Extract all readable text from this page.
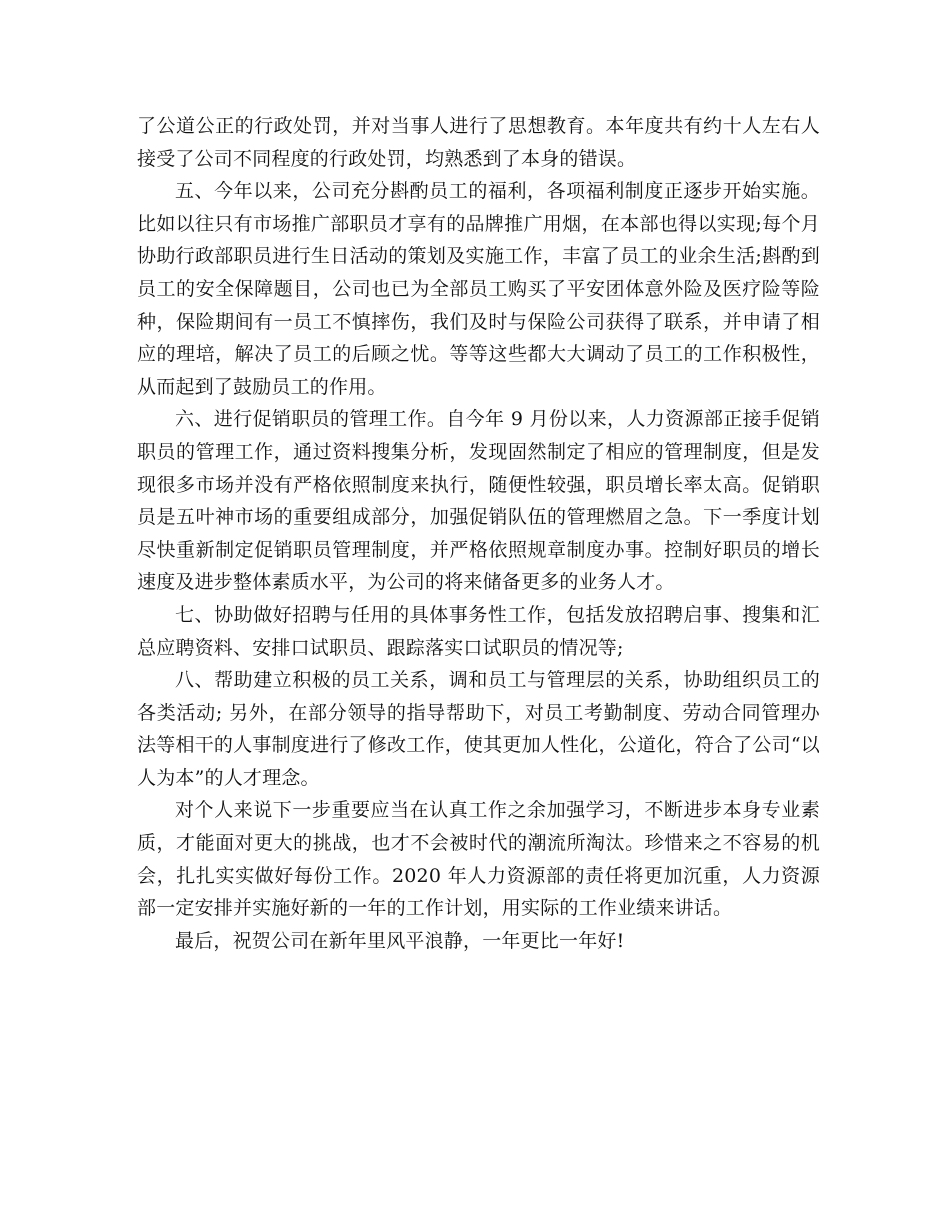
了公道公正的行政处罚，并对当事人进行了思想教育。本年度共有约十人左右人接受了公司不同程度的行政处罚，均熟悉到了本身的错误。

五、今年以来，公司充分斟酌员工的福利，各项福利制度正逐步开始实施。比如以往只有市场推广部职员才享有的品牌推广用烟，在本部也得以实现;每个月协助行政部职员进行生日活动的策划及实施工作，丰富了员工的业余生活;斟酌到员工的安全保障题目，公司也已为全部员工购买了平安团体意外险及医疗险等险种，保险期间有一员工不慎摔伤，我们及时与保险公司获得了联系，并申请了相应的理培，解决了员工的后顾之忧。等等这些都大大调动了员工的工作积极性，从而起到了鼓励员工的作用。

六、进行促销职员的管理工作。自今年 9 月份以来，人力资源部正接手促销职员的管理工作，通过资料搜集分析，发现固然制定了相应的管理制度，但是发现很多市场并没有严格依照制度来执行，随便性较强，职员增长率太高。促销职员是五叶神市场的重要组成部分，加强促销队伍的管理燃眉之急。下一季度计划尽快重新制定促销职员管理制度，并严格依照规章制度办事。控制好职员的增长速度及进步整体素质水平，为公司的将来储备更多的业务人才。

七、协助做好招聘与任用的具体事务性工作，包括发放招聘启事、搜集和汇总应聘资料、安排口试职员、跟踪落实口试职员的情况等;

八、帮助建立积极的员工关系，调和员工与管理层的关系，协助组织员工的各类活动; 另外，在部分领导的指导帮助下，对员工考勤制度、劳动合同管理办法等相干的人事制度进行了修改工作，使其更加人性化，公道化，符合了公司“以人为本”的人才理念。

对个人来说下一步重要应当在认真工作之余加强学习，不断进步本身专业素质，才能面对更大的挑战，也才不会被时代的潮流所淘汰。珍惜来之不容易的机会，扎扎实实做好每份工作。2020 年人力资源部的责任将更加沉重，人力资源部一定安排并实施好新的一年的工作计划，用实际的工作业绩来讲话。

最后，祝贺公司在新年里风平浪静，一年更比一年好!
